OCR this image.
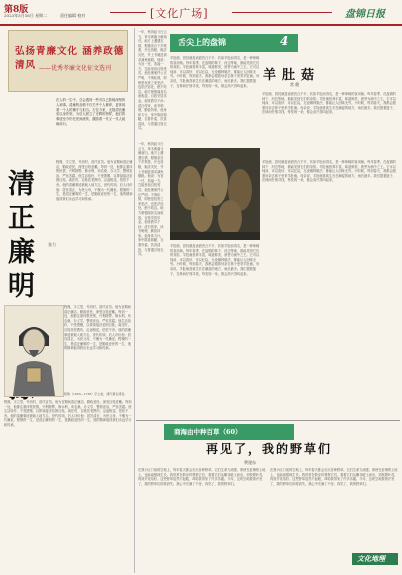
第8版
2023年5月16日 星期二	责任编辑 校对	[文化广场]	盘锦日报
弘扬青廉文化 涵养政德清风 ——优秀孝廉文化征文选刊
在人的一生中，总会遇到一些对自己影响深刻的人和事。清廉的品格不仅关乎个人修养，更体现着一个人的操守与担当。古往今来，无数清官廉吏以身作则，为后人树立了光辉的榜样，他们的事迹至今仍在民间流传，激励着一代又一代人砥砺前行。
清正廉明
张力
程豫，字立堂，号西村，清代官员。他为官期间清正廉洁，勤政爱民，深受百姓爱戴。每到一处，他都注重体察民情，兴利除弊，修水利，劝农桑，办义学，整顿吏治，严惩贪腐。他生活俭朴，不受馈赠，以俸禄接济贫困百姓。离任时，百姓扶老携幼，沿途相送，依依不舍。他的清廉事迹被载入地方志，世代传颂。后人评价他：居官清正，为民父母，不愧为一代廉吏。程豫的一生，是清正廉明的一生，是勤政爱民的一生，他的精神值得我们永远学习和传承。
程豫，字立堂，号西村，清代官员。他为官期间清正廉洁，勤政爱民，深受百姓爱戴。每到一处，他都注重体察民情，兴利除弊，修水利，劝农桑，办义学，整顿吏治，严惩贪腐。他生活俭朴，不受馈赠，以俸禄接济贫困百姓。离任时，百姓扶老携幼，沿途相送，依依不舍。他的清廉事迹被载入地方志，世代传颂。后人评价他：居官清正，为民父母，不愧为一代廉吏。程豫的一生，是清正廉明的一生，是勤政爱民的一生，他的精神值得我们永远学习和传承。
程豫（1663—1736）字立堂，清代著名清官。
程豫，字立堂，号西村，清代官员。他为官期间清正廉洁，勤政爱民，深受百姓爱戴。每到一处，他都注重体察民情，兴利除弊，修水利，劝农桑，办义学，整顿吏治，严惩贪腐。他生活俭朴，不受馈赠，以俸禄接济贫困百姓。离任时，百姓扶老携幼，沿途相送，依依不舍。他的清廉事迹被载入地方志，世代传颂。后人评价他：居官清正，为民父母，不愧为一代廉吏。程豫的一生，是清正廉明的一生，是勤政爱民的一生，他的精神值得我们永远学习和传承。
一年，秋风起兮白云飞，草木黄落兮雁南归。地方上遭遇灾情，程豫亲自下乡察看，开仓放粮，赈济灾民，并上书朝廷请求减免赋税。他说：为官一任，造福一方，岂能坐视百姓受苦。他处理案件公正严明，不徇私情，即使是权贵之家犯法，也依法惩处，绝不姑息。地方豪强闻其名而收敛，百姓安居乐业。他常教导子孙：清白传家，读书明理，勤俭持家。他身体力行，家中陈设简陋，衣着朴素，饮食清淡，与普通百姓无异。
一年，秋风起兮白云飞，草木黄落兮雁南归。地方上遭遇灾情，程豫亲自下乡察看，开仓放粮，赈济灾民，并上书朝廷请求减免赋税。他说：为官一任，造福一方，岂能坐视百姓受苦。他处理案件公正严明，不徇私情，即使是权贵之家犯法，也依法惩处，绝不姑息。地方豪强闻其名而收敛，百姓安居乐业。他常教导子孙：清白传家，读书明理，勤俭持家。他身体力行，家中陈设简陋，衣着朴素，饮食清淡，与普通百姓无异。
舌尖上的盘锦	4
羊肚菇
常 健
羊肚菌，因其菌盖表面凹凸不平、状如羊肚而得名，是一种珍稀的食用菌。每年春季，在盘锦的林下、河边等地，都能见到它们的身影。羊肚菌营养丰富，味道鲜美，被誉为菌中之王。它可以炖汤、可以清炒、可以红烧，无论哪种做法，都能让人回味无穷。小时候，每到春天，我都会跟着母亲去林子里采羊肚菌。母亲说，羊肚菌喜欢生长在潮湿的地方，雨后最多。我们提着篮子，在林间仔细寻找，每发现一朵，都会高兴得叫起来。
羊肚菌，因其菌盖表面凹凸不平、状如羊肚而得名，是一种珍稀的食用菌。每年春季，在盘锦的林下、河边等地，都能见到它们的身影。羊肚菌营养丰富，味道鲜美，被誉为菌中之王。它可以炖汤、可以清炒、可以红烧，无论哪种做法，都能让人回味无穷。小时候，每到春天，我都会跟着母亲去林子里采羊肚菌。母亲说，羊肚菌喜欢生长在潮湿的地方，雨后最多。我们提着篮子，在林间仔细寻找，每发现一朵，都会高兴得叫起来。
羊肚菌，因其菌盖表面凹凸不平、状如羊肚而得名，是一种珍稀的食用菌。每年春季，在盘锦的林下、河边等地，都能见到它们的身影。羊肚菌营养丰富，味道鲜美，被誉为菌中之王。它可以炖汤、可以清炒、可以红烧，无论哪种做法，都能让人回味无穷。小时候，每到春天，我都会跟着母亲去林子里采羊肚菌。母亲说，羊肚菌喜欢生长在潮湿的地方，雨后最多。我们提着篮子，在林间仔细寻找，每发现一朵，都会高兴得叫起来。
羊肚菌，因其菌盖表面凹凸不平、状如羊肚而得名，是一种珍稀的食用菌。每年春季，在盘锦的林下、河边等地，都能见到它们的身影。羊肚菌营养丰富，味道鲜美，被誉为菌中之王。它可以炖汤、可以清炒、可以红烧，无论哪种做法，都能让人回味无穷。小时候，每到春天，我都会跟着母亲去林子里采羊肚菌。母亲说，羊肚菌喜欢生长在潮湿的地方，雨后最多。我们提着篮子，在林间仔细寻找，每发现一朵，都会高兴得叫起来。
商海由中种百草（60）
再见了，我的野草们
费建东
在我小区门前的空地上，每年春天都会长出各种野草。它们生命力顽强，即使在贫瘠的土地上，也能顽强地生长。我常常在散步时观察它们，看着它们从嫩芽破土而出，到枝繁叶茂，再到开花结籽。这些野草虽然不起眼，却给我带来了许多乐趣。今年，这块空地要被开发了，我的野草们即将消失。我心中充满了不舍，再见了，我的野草们。
在我小区门前的空地上，每年春天都会长出各种野草。它们生命力顽强，即使在贫瘠的土地上，也能顽强地生长。我常常在散步时观察它们，看着它们从嫩芽破土而出，到枝繁叶茂，再到开花结籽。这些野草虽然不起眼，却给我带来了许多乐趣。今年，这块空地要被开发了，我的野草们即将消失。我心中充满了不舍，再见了，我的野草们。
文化地理
